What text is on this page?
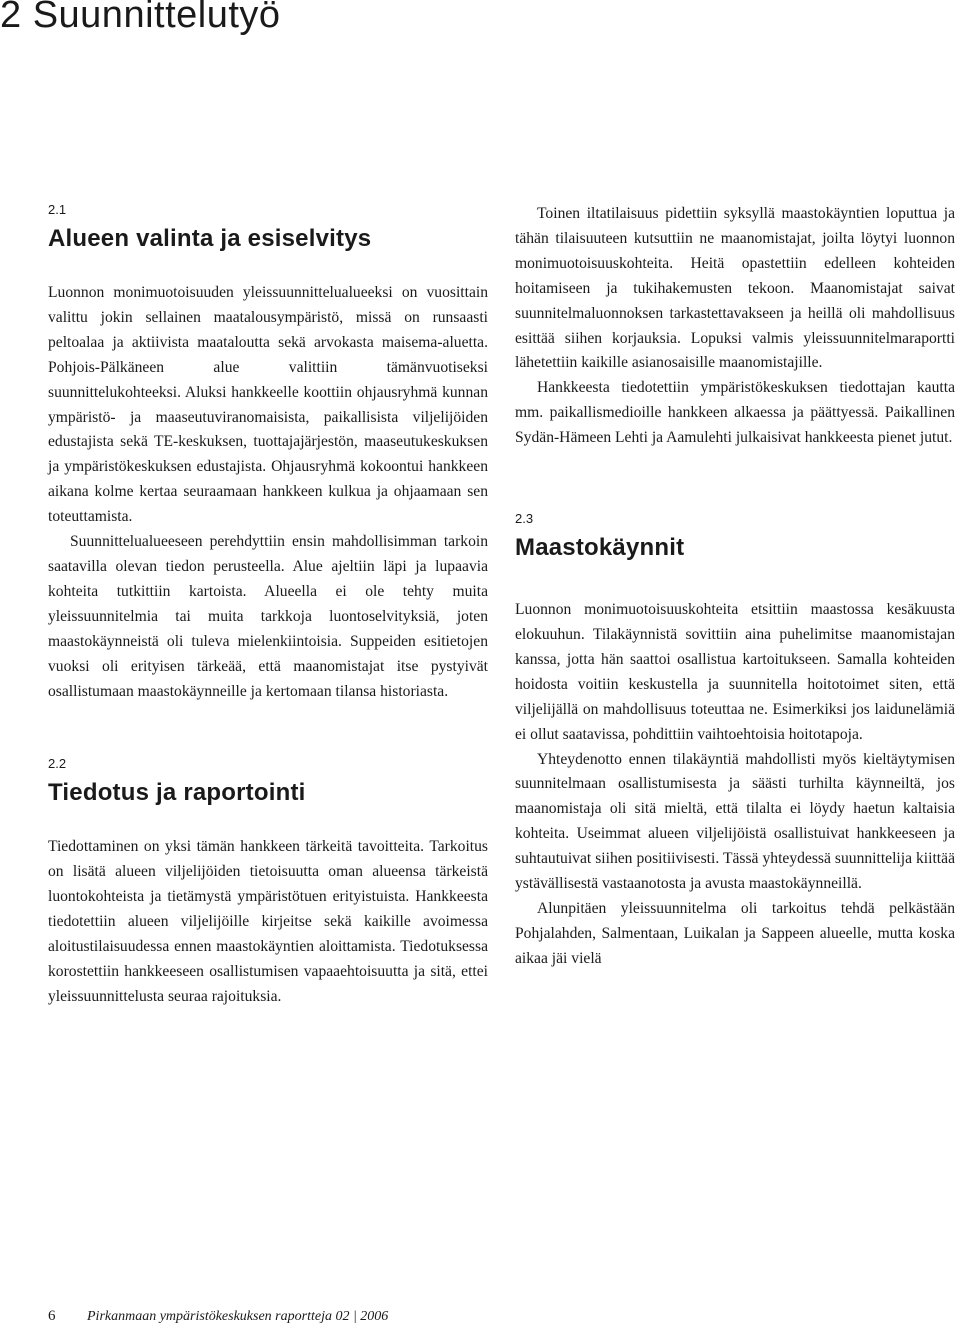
2 Suunnittelutyö
2.1
Alueen valinta ja esiselvitys

Luonnon monimuotoisuuden yleissuunnittelualueeksi on vuosittain valittu jokin sellainen maatalousympäristö, missä on runsaasti peltoalaa ja aktiivista maataloutta sekä arvokasta maisema-aluetta. Pohjois-Pälkäneen alue valittiin tämänvuotiseksi suunnittelukohteeksi. Aluksi hankkeelle koottiin ohjausryhmä kunnan ympäristö- ja maaseutuviranomaisista, paikallisista viljelijöiden edustajista sekä TE-keskuksen, tuottajajärjestön, maaseutukeskuksen ja ympäristökeskuksen edustajista. Ohjausryhmä kokoontui hankkeen aikana kolme kertaa seuraamaan hankkeen kulkua ja ohjaamaan sen toteuttamista.

Suunnittelualueeseen perehdyttiin ensin mahdollisimman tarkoin saatavilla olevan tiedon perusteella. Alue ajeltiin läpi ja lupaavia kohteita tutkittiin kartoista. Alueella ei ole tehty muita yleissuunnitelmia tai muita tarkkoja luontoselvityksiä, joten maastokäynneistä oli tuleva mielenkiintoisia. Suppeiden esitietojen vuoksi oli erityisen tärkeää, että maanomistajat itse pystyivät osallistumaan maastokäynneille ja kertomaan tilansa historiasta.

2.2
Tiedotus ja raportointi

Tiedottaminen on yksi tämän hankkeen tärkeitä tavoitteita. Tarkoitus on lisätä alueen viljelijöiden tietoisuutta oman alueensa tärkeistä luontokohteista ja tietämystä ympäristötuen erityistuista. Hankkeesta tiedotettiin alueen viljelijöille kirjeitse sekä kaikille avoimessa aloitustilaisuudessa ennen maastokäyntien aloittamista. Tiedotuksessa korostettiin hankkeeseen osallistumisen vapaaehtoisuutta ja sitä, ettei yleissuunnittelusta seuraa rajoituksia.

Toinen iltatilaisuus pidettiin syksyllä maastokäyntien loputtua ja tähän tilaisuuteen kutsuttiin ne maanomistajat, joilta löytyi luonnon monimuotoisuuskohteita. Heitä opastettiin edelleen kohteiden hoitamiseen ja tukihakemusten tekoon. Maanomistajat saivat suunnitelmaluonnoksen tarkastettavakseen ja heillä oli mahdollisuus esittää siihen korjauksia. Lopuksi valmis yleissuunnitelmaraportti lähetettiin kaikille asianosaisille maanomistajille.

Hankkeesta tiedotettiin ympäristökeskuksen tiedottajan kautta mm. paikallismedioille hankkeen alkaessa ja päättyessä. Paikallinen Sydän-Hämeen Lehti ja Aamulehti julkaisivat hankkeesta pienet jutut.

2.3
Maastokäynnit

Luonnon monimuotoisuuskohteita etsittiin maastossa kesäkuusta elokuuhun. Tilakäynnistä sovittiin aina puhelimitse maanomistajan kanssa, jotta hän saattoi osallistua kartoitukseen. Samalla kohteiden hoidosta voitiin keskustella ja suunnitella hoitotoimet siten, että viljelijällä on mahdollisuus toteuttaa ne. Esimerkiksi jos laidunelämiä ei ollut saatavissa, pohdittiin vaihtoehtoisia hoitotapoja.

Yhteydenotto ennen tilakäyntiä mahdollisti myös kieltäytymisen suunnitelmaan osallistumisesta ja säästi turhilta käynneiltä, jos maanomistaja oli sitä mieltä, että tilalta ei löydy haetun kaltaisia kohteita. Useimmat alueen viljelijöistä osallistuivat hankkeeseen ja suhtautuivat siihen positiivisesti. Tässä yhteydessä suunnittelija kiittää ystävällisestä vastaanotosta ja avusta maastokäynneillä.

Alunpitäen yleissuunnitelma oli tarkoitus tehdä pelkästään Pohjalahden, Salmentaan, Luikalan ja Sappeen alueelle, mutta koska aikaa jäi vielä

6 Pirkanmaan ympäristökeskuksen raportteja 02 | 2006
